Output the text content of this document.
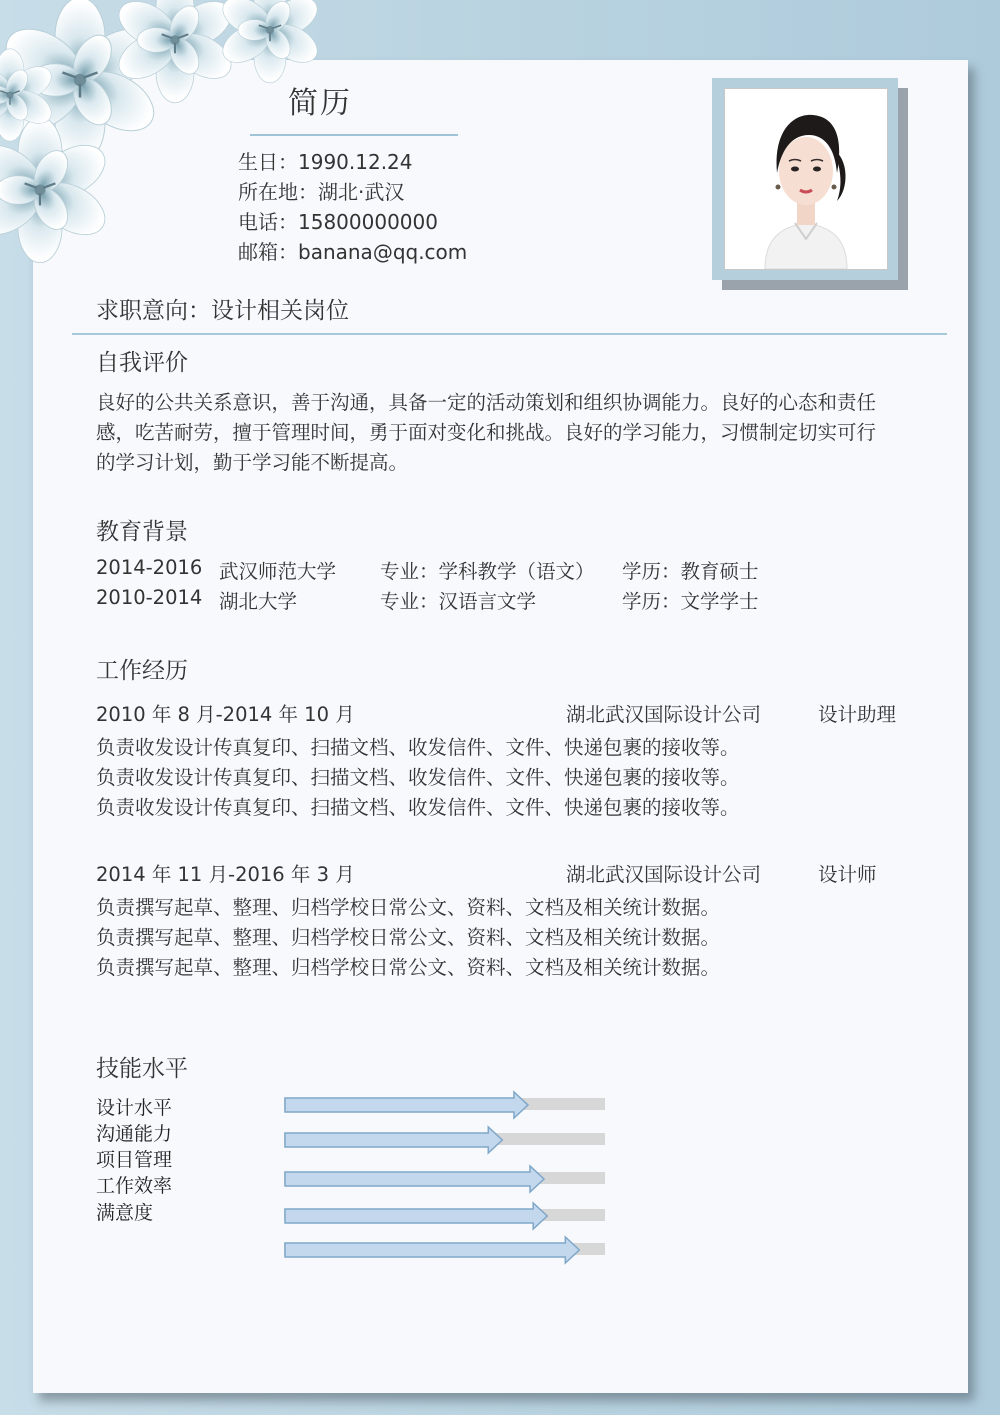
简历
生日：1990.12.24
所在地：湖北·武汉
电话：15800000000
邮箱：banana@qq.com
求职意向：设计相关岗位
自我评价
良好的公共关系意识，善于沟通，具备一定的活动策划和组织协调能力。良好的心态和责任
感，吃苦耐劳，擅于管理时间，勇于面对变化和挑战。良好的学习能力，习惯制定切实可行
的学习计划，勤于学习能不断提高。
教育背景
2014-2016 武汉师范大学 专业：学科教学（语文） 学历：教育硕士
2010-2014 湖北大学	专业：汉语言文学	学历：文学学士
工作经历
2010 年 8 月-2014 年 10 月	湖北武汉国际设计公司	设计助理
负责收发设计传真复印、扫描文档、收发信件、文件、快递包裹的接收等。
负责收发设计传真复印、扫描文档、收发信件、文件、快递包裹的接收等。
负责收发设计传真复印、扫描文档、收发信件、文件、快递包裹的接收等。
2014 年 11 月-2016 年 3 月	湖北武汉国际设计公司	设计师
负责撰写起草、整理、归档学校日常公文、资料、文档及相关统计数据。
负责撰写起草、整理、归档学校日常公文、资料、文档及相关统计数据。
负责撰写起草、整理、归档学校日常公文、资料、文档及相关统计数据。
技能水平
设计水平
沟通能力
项目管理
工作效率
满意度
